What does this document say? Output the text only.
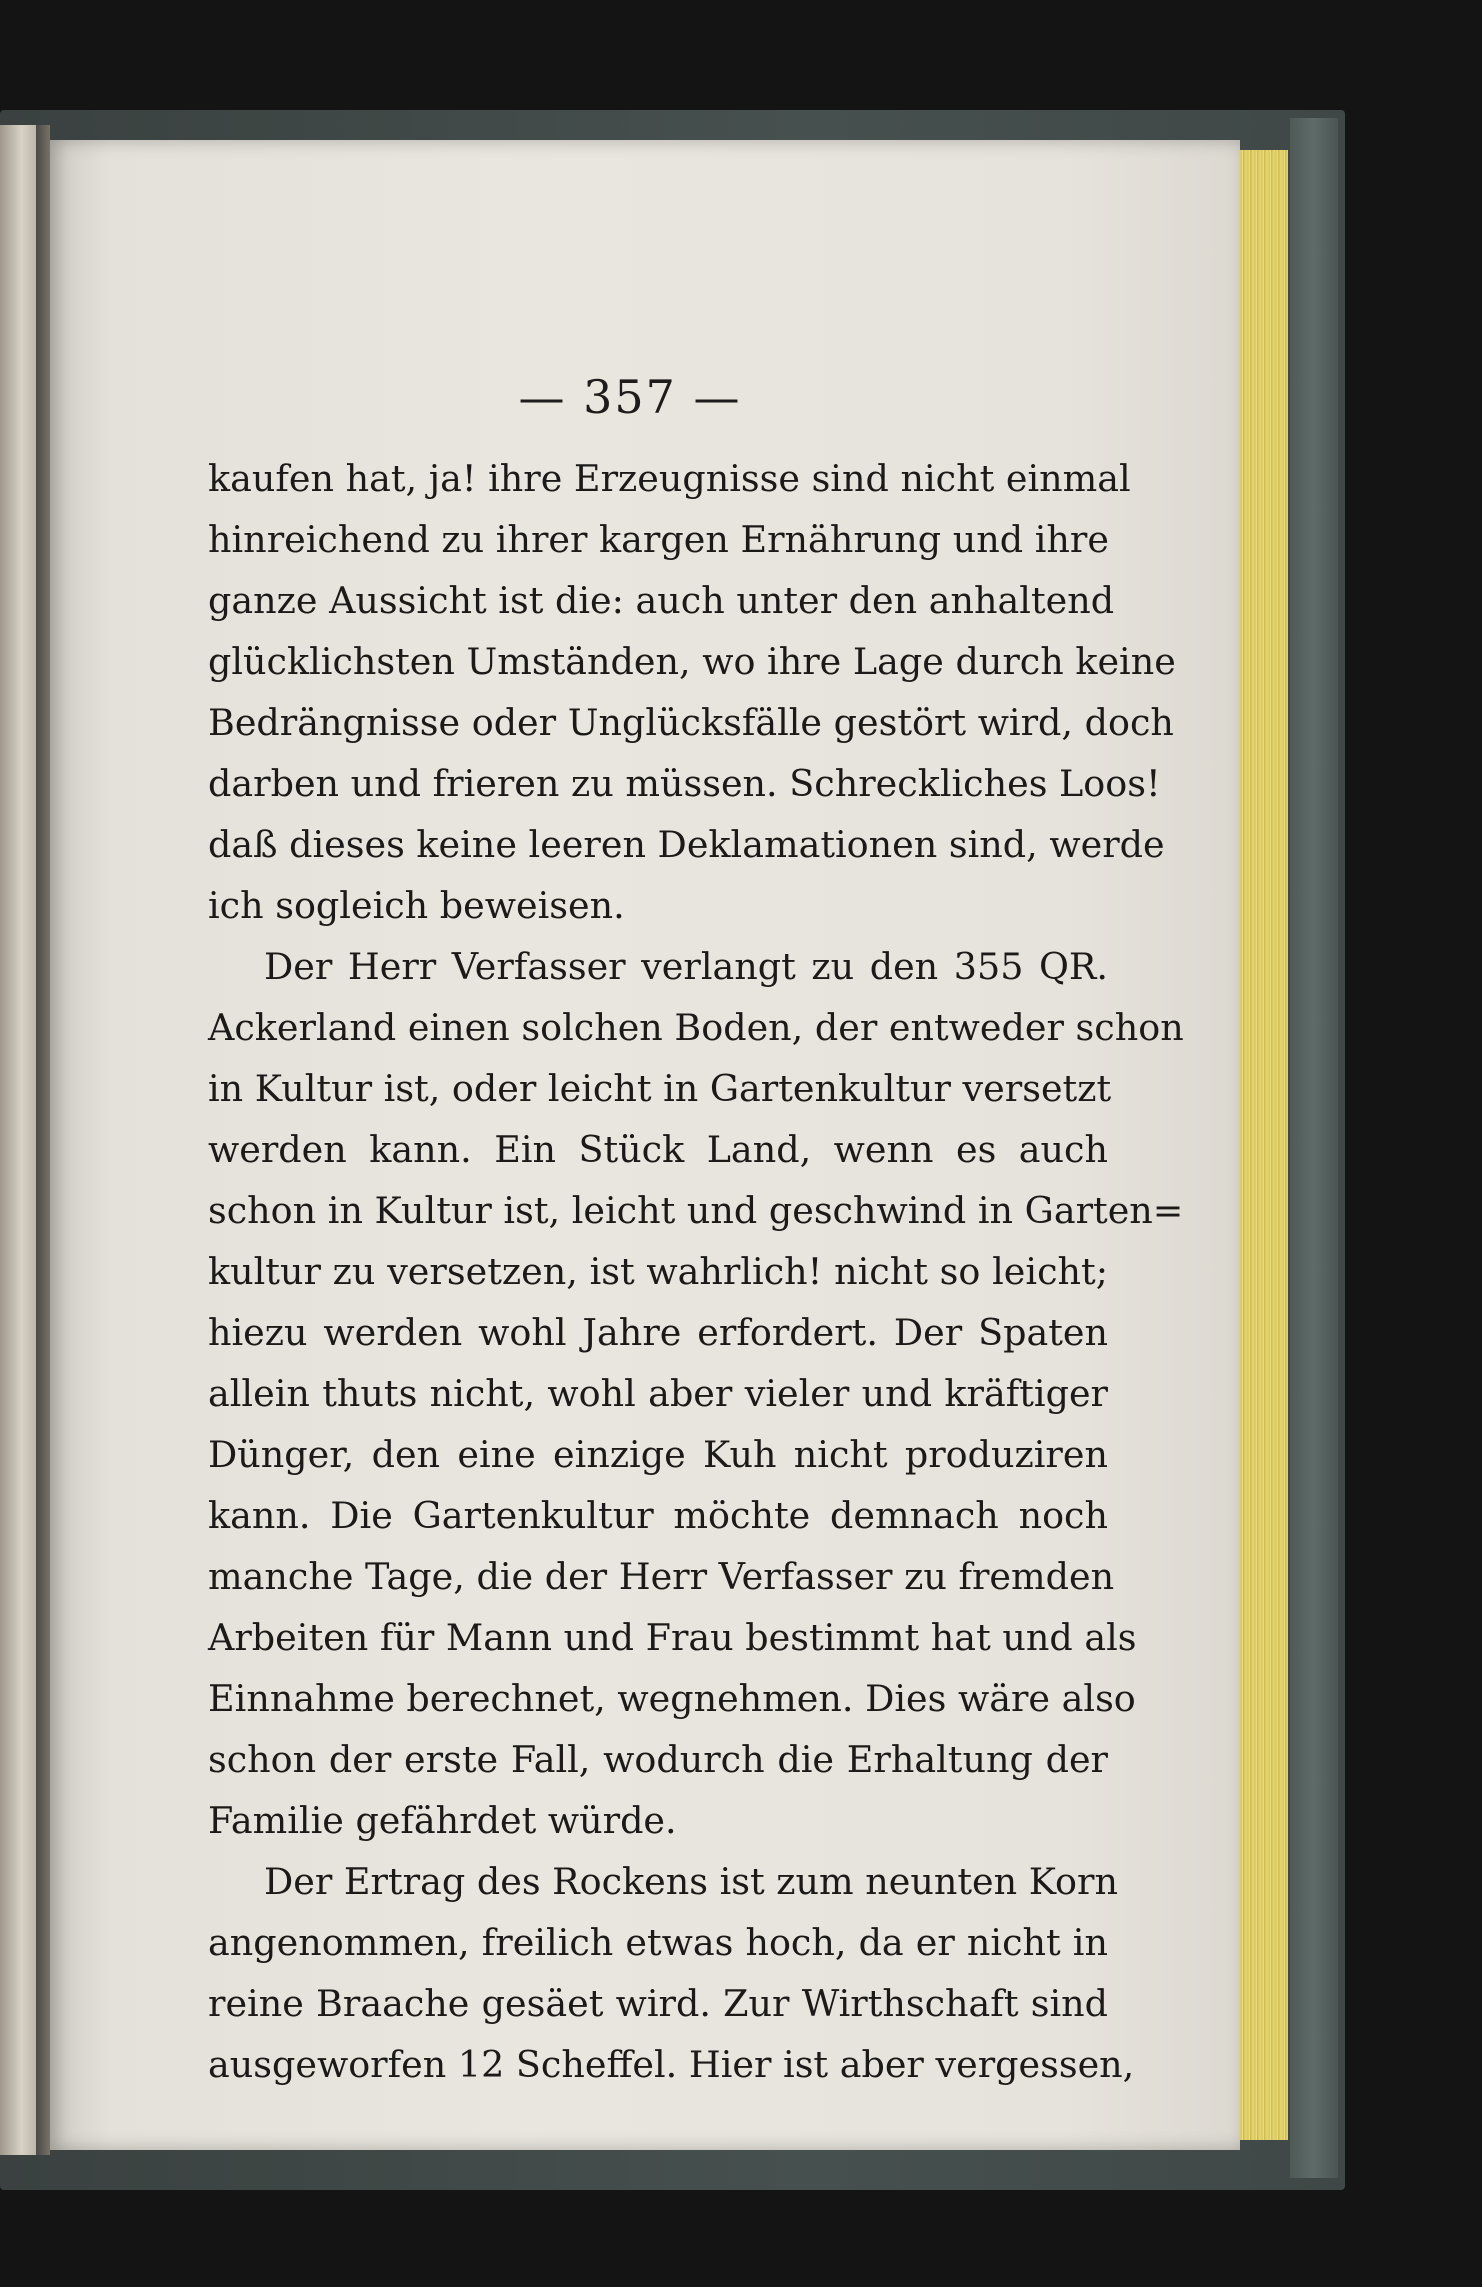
— 357 —
kaufen hat, ja! ihre Erzeugnisse sind nicht einmal
hinreichend zu ihrer kargen Ernährung und ihre
ganze Aussicht ist die: auch unter den anhaltend
glücklichsten Umständen, wo ihre Lage durch keine
Bedrängnisse oder Unglücksfälle gestört wird, doch
darben und frieren zu müssen. Schreckliches Loos!
daß dieses keine leeren Deklamationen sind, werde
ich sogleich beweisen.
Der Herr Verfasser verlangt zu den 355 QR.
Ackerland einen solchen Boden, der entweder schon
in Kultur ist, oder leicht in Gartenkultur versetzt
werden kann. Ein Stück Land, wenn es auch
schon in Kultur ist, leicht und geschwind in Garten=
kultur zu versetzen, ist wahrlich! nicht so leicht;
hiezu werden wohl Jahre erfordert. Der Spaten
allein thuts nicht, wohl aber vieler und kräftiger
Dünger, den eine einzige Kuh nicht produziren
kann. Die Gartenkultur möchte demnach noch
manche Tage, die der Herr Verfasser zu fremden
Arbeiten für Mann und Frau bestimmt hat und als
Einnahme berechnet, wegnehmen. Dies wäre also
schon der erste Fall, wodurch die Erhaltung der
Familie gefährdet würde.
Der Ertrag des Rockens ist zum neunten Korn
angenommen, freilich etwas hoch, da er nicht in
reine Braache gesäet wird. Zur Wirthschaft sind
ausgeworfen 12 Scheffel. Hier ist aber vergessen,
